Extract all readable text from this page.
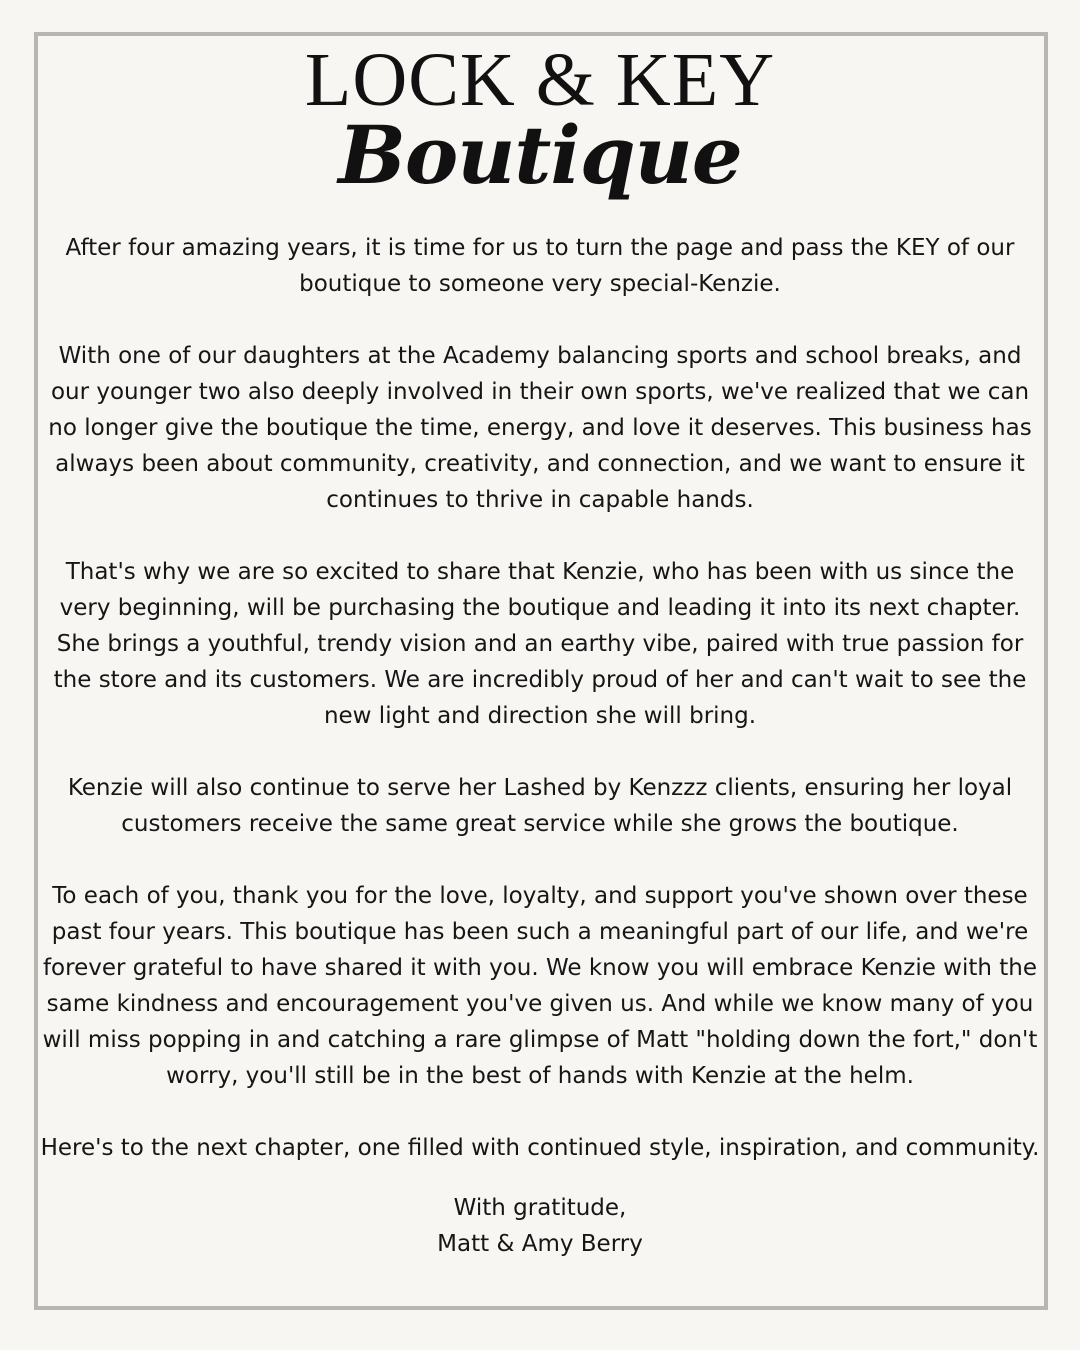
LOCK & KEY
Boutique

After four amazing years, it is time for us to turn the page and pass the KEY of our boutique to someone very special-Kenzie.

With one of our daughters at the Academy balancing sports and school breaks, and our younger two also deeply involved in their own sports, we've realized that we can no longer give the boutique the time, energy, and love it deserves. This business has always been about community, creativity, and connection, and we want to ensure it continues to thrive in capable hands.

That's why we are so excited to share that Kenzie, who has been with us since the very beginning, will be purchasing the boutique and leading it into its next chapter. She brings a youthful, trendy vision and an earthy vibe, paired with true passion for the store and its customers. We are incredibly proud of her and can't wait to see the new light and direction she will bring.

Kenzie will also continue to serve her Lashed by Kenzzz clients, ensuring her loyal customers receive the same great service while she grows the boutique.

To each of you, thank you for the love, loyalty, and support you've shown over these past four years. This boutique has been such a meaningful part of our life, and we're forever grateful to have shared it with you. We know you will embrace Kenzie with the same kindness and encouragement you've given us. And while we know many of you will miss popping in and catching a rare glimpse of Matt "holding down the fort," don't worry, you'll still be in the best of hands with Kenzie at the helm.

Here's to the next chapter, one filled with continued style, inspiration, and community.

With gratitude,
Matt & Amy Berry
